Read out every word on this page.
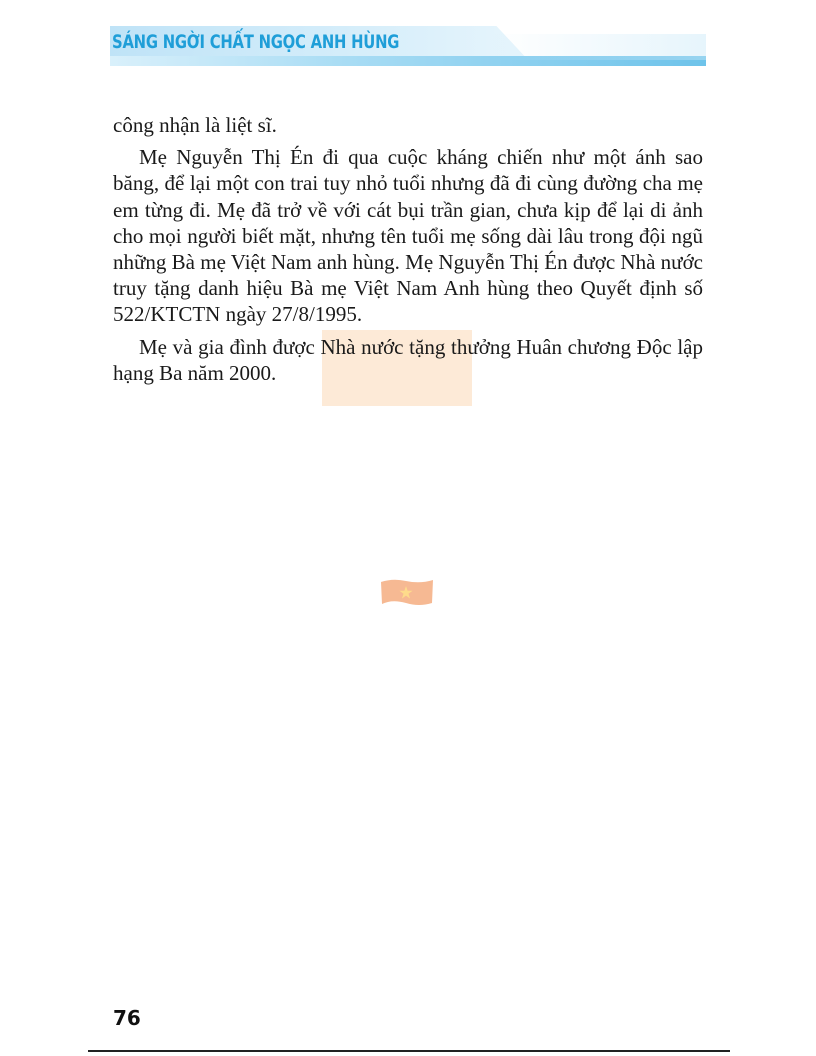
SÁNG NGỜI CHẤT NGỌC ANH HÙNG

công nhận là liệt sĩ.

Mẹ Nguyễn Thị Én đi qua cuộc kháng chiến như một ánh sao băng, để lại một con trai tuy nhỏ tuổi nhưng đã đi cùng đường cha mẹ em từng đi. Mẹ đã trở về với cát bụi trần gian, chưa kịp để lại di ảnh cho mọi người biết mặt, nhưng tên tuổi mẹ sống dài lâu trong đội ngũ những Bà mẹ Việt Nam anh hùng. Mẹ Nguyễn Thị Én được Nhà nước truy tặng danh hiệu Bà mẹ Việt Nam Anh hùng theo Quyết định số 522/KTCTN ngày 27/8/1995.

Mẹ và gia đình được Nhà nước tặng thưởng Huân chương Độc lập hạng Ba năm 2000.

76
